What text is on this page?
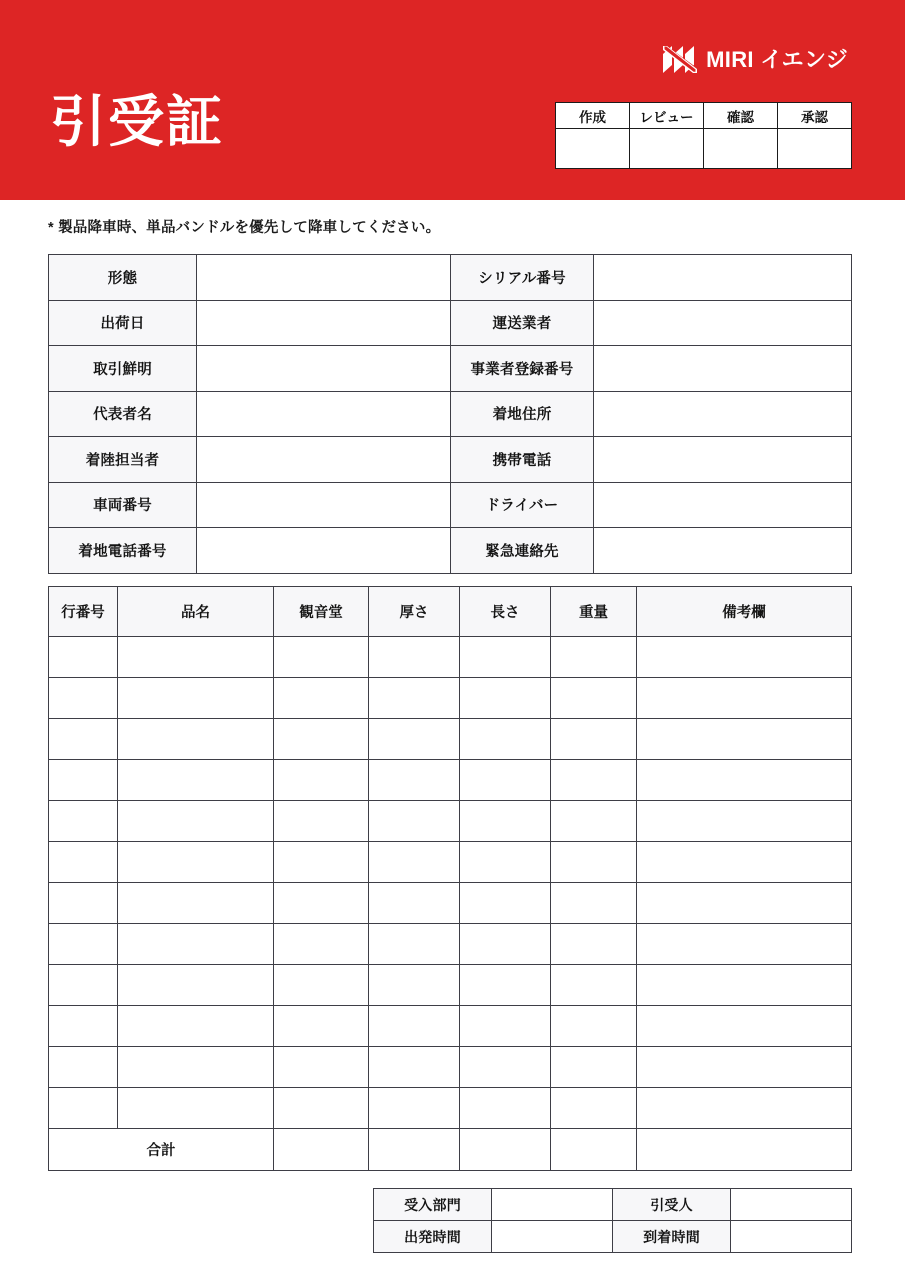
MIRI イエンジ
引受証	作成	レビュー	確認	承認

* 製品降車時、単品バンドルを優先して降車してください。
形態		シリアル番号	
出荷日		運送業者	
取引鮮明		事業者登録番号	
代表者名		着地住所	
着陸担当者		携帯電話	
車両番号		ドライバー	
着地電話番号		緊急連絡先	
行番号	品名	観音堂	厚さ	長さ	重量	備考欄

合計						
受入部門		引受人	
出発時間		到着時間	
